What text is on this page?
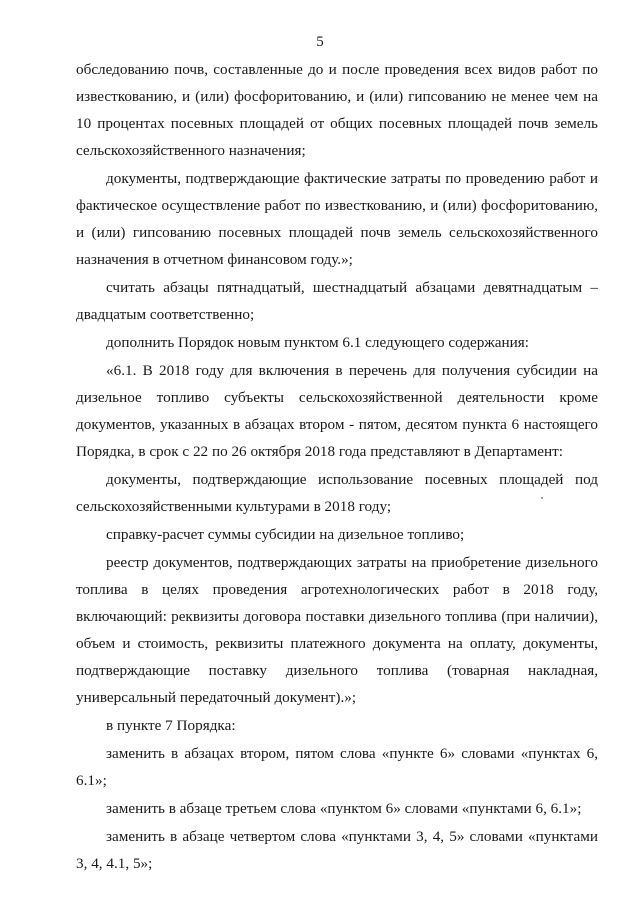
5

обследованию почв, составленные до и после проведения всех видов работ по известкованию, и (или) фосфоритованию, и (или) гипсованию не менее чем на 10 процентах посевных площадей от общих посевных площадей почв земель сельскохозяйственного назначения;

документы, подтверждающие фактические затраты по проведению работ и фактическое осуществление работ по известкованию, и (или) фосфоритованию, и (или) гипсованию посевных площадей почв земель сельскохозяйственного назначения в отчетном финансовом году.»;

считать абзацы пятнадцатый, шестнадцатый абзацами девятнадцатым – двадцатым соответственно;

дополнить Порядок новым пунктом 6.1 следующего содержания:

«6.1. В 2018 году для включения в перечень для получения субсидии на дизельное топливо субъекты сельскохозяйственной деятельности кроме документов, указанных в абзацах втором - пятом, десятом пункта 6 настоящего Порядка, в срок с 22 по 26 октября 2018 года представляют в Департамент:

документы, подтверждающие использование посевных площадей под сельскохозяйственными культурами в 2018 году;

справку-расчет суммы субсидии на дизельное топливо;

реестр документов, подтверждающих затраты на приобретение дизельного топлива в целях проведения агротехнологических работ в 2018 году, включающий: реквизиты договора поставки дизельного топлива (при наличии), объем и стоимость, реквизиты платежного документа на оплату, документы, подтверждающие поставку дизельного топлива (товарная накладная, универсальный передаточный документ).»;

в пункте 7 Порядка:

заменить в абзацах втором, пятом слова «пункте 6» словами «пунктах 6, 6.1»;

заменить в абзаце третьем слова «пунктом 6» словами «пунктами 6, 6.1»;

заменить в абзаце четвертом слова «пунктами 3, 4, 5» словами «пунктами 3, 4, 4.1, 5»;
